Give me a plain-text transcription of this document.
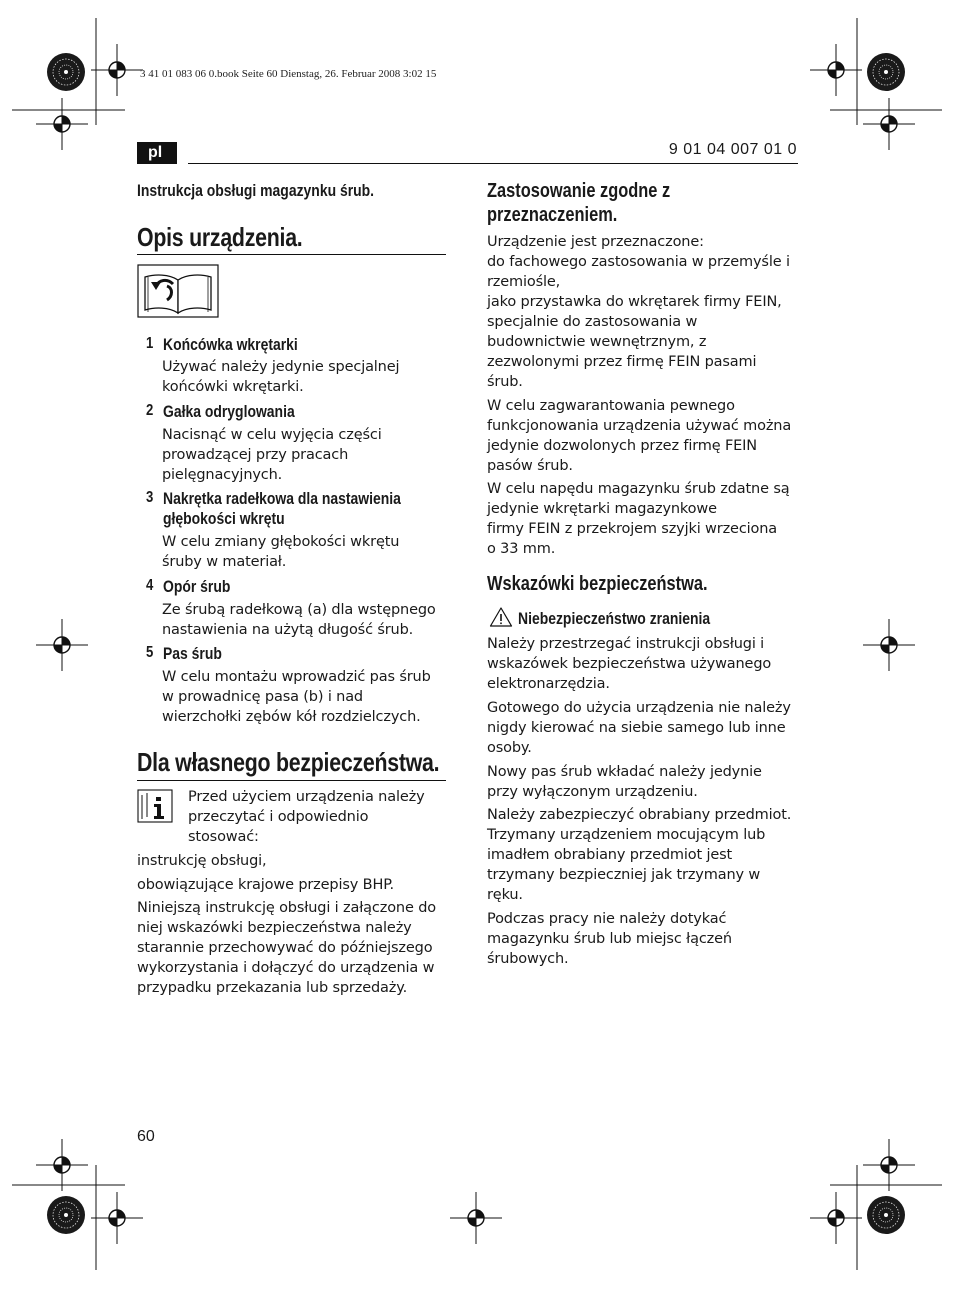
3 41 01 083 06 0.book Seite 60 Dienstag, 26. Februar 2008 3:02 15
pl	9 01 04 007 01 0
Instrukcja obsługi magazynku śrub.
Opis urządzenia.
1 Końcówka wkrętarki
Używać należy jedynie specjalnej
końcówki wkrętarki.
2 Gałka odryglowania
Nacisnąć w celu wyjęcia części
prowadzącej przy pracach
pielęgnacyjnych.
3 Nakrętka radełkowa dla nastawienia
głębokości wkrętu
W celu zmiany głębokości wkrętu
śruby w materiał.
4 Opór śrub
Ze śrubą radełkową (a) dla wstępnego
nastawienia na użytą długość śrub.
5 Pas śrub
W celu montażu wprowadzić pas śrub
w prowadnicę pasa (b) i nad
wierzchołki zębów kół rozdzielczych.
Dla własnego bezpieczeństwa.
Przed użyciem urządzenia należy
przeczytać i odpowiednio
stosować:
instrukcję obsługi,
obowiązujące krajowe przepisy BHP.
Niniejszą instrukcję obsługi i załączone do
niej wskazówki bezpieczeństwa należy
starannie przechowywać do późniejszego
wykorzystania i dołączyć do urządzenia w
przypadku przekazania lub sprzedaży.
Zastosowanie zgodne z
przeznaczeniem.
Urządzenie jest przeznaczone:
do fachowego zastosowania w przemyśle i
rzemiośle,
jako przystawka do wkrętarek firmy FEIN,
specjalnie do zastosowania w
budownictwie wewnętrznym, z
zezwolonymi przez firmę FEIN pasami
śrub.
W celu zagwarantowania pewnego
funkcjonowania urządzenia używać można
jedynie dozwolonych przez firmę FEIN
pasów śrub.
W celu napędu magazynku śrub zdatne są
jedynie wkrętarki magazynkowe
firmy FEIN z przekrojem szyjki wrzeciona
o 33 mm.
Wskazówki bezpieczeństwa.
Niebezpieczeństwo zranienia
Należy przestrzegać instrukcji obsługi i
wskazówek bezpieczeństwa używanego
elektronarzędzia.
Gotowego do użycia urządzenia nie należy
nigdy kierować na siebie samego lub inne
osoby.
Nowy pas śrub wkładać należy jedynie
przy wyłączonym urządzeniu.
Należy zabezpieczyć obrabiany przedmiot.
Trzymany urządzeniem mocującym lub
imadłem obrabiany przedmiot jest
trzymany bezpieczniej jak trzymany w
ręku.
Podczas pracy nie należy dotykać
magazynku śrub lub miejsc łączeń
śrubowych.
60
